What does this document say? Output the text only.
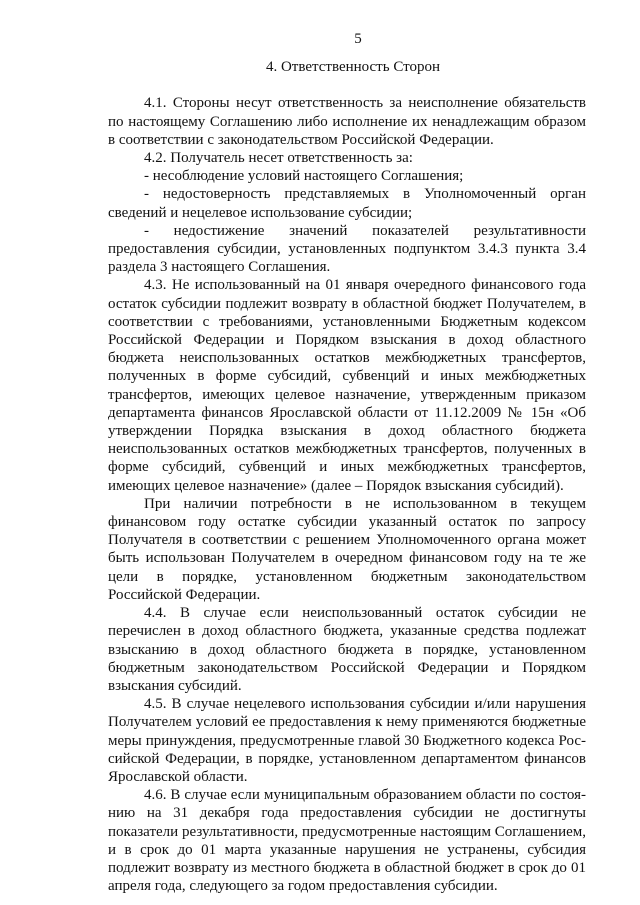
5
4. Ответственность Сторон

4.1. Стороны несут ответственность за неисполнение обязательств по настоящему Соглашению либо исполнение их ненадлежащим образом в соответствии с законодательством Российской Федерации.

4.2. Получатель несет ответственность за:

- несоблюдение условий настоящего Соглашения;

- недостоверность представляемых в Уполномоченный орган сведений и нецелевое использование субсидии;

- недостижение значений показателей результативности предоставления субсидии, установленных подпунктом 3.4.3 пункта 3.4 раздела 3 настоящего Соглашения.

4.3. Не использованный на 01 января очередного финансового года остаток субсидии подлежит возврату в областной бюджет Получателем, в соответствии с требованиями, установленными Бюджетным кодексом Российской Федерации и Порядком взыскания в доход областного бюджета неиспользованных остатков межбюджетных трансфертов, полученных в форме субсидий, субвенций и иных межбюджетных трансфертов, имеющих целевое назначение, утвержденным приказом департамента финансов Ярославской области от 11.12.2009 № 15н «Об утверждении Порядка взыскания в доход областного бюджета неиспользованных остатков межбюджетных трансфертов, полученных в форме субсидий, субвенций и иных межбюджетных трансфертов, имеющих целевое назначение» (далее – Порядок взыскания субсидий).

При наличии потребности в не использованном в текущем финансовом году остатке субсидии указанный остаток по запросу Получателя в соответствии с решением Уполномоченного органа может быть использован Получателем в очередном финансовом году на те же цели в порядке, установленном бюджетным законодательством Российской Федерации.

4.4. В случае если неиспользованный остаток субсидии не перечислен в доход областного бюджета, указанные средства подлежат взысканию в доход областного бюджета в порядке, установленном бюджетным законодательством Российской Федерации и Порядком взыскания субсидий.

4.5. В случае нецелевого использования субсидии и/или нарушения Получателем условий ее предоставления к нему применяются бюджетные меры принуждения, предусмотренные главой 30 Бюджетного кодекса Российской Федерации, в порядке, установленном департаментом финансов Ярославской области.

4.6. В случае если муниципальным образованием области по состоянию на 31 декабря года предоставления субсидии не достигнуты показатели результативности, предусмотренные настоящим Соглашением, и в срок до 01 марта указанные нарушения не устранены, субсидия подлежит возврату из местного бюджета в областной бюджет в срок до 01 апреля года, следующего за годом предоставления субсидии.
